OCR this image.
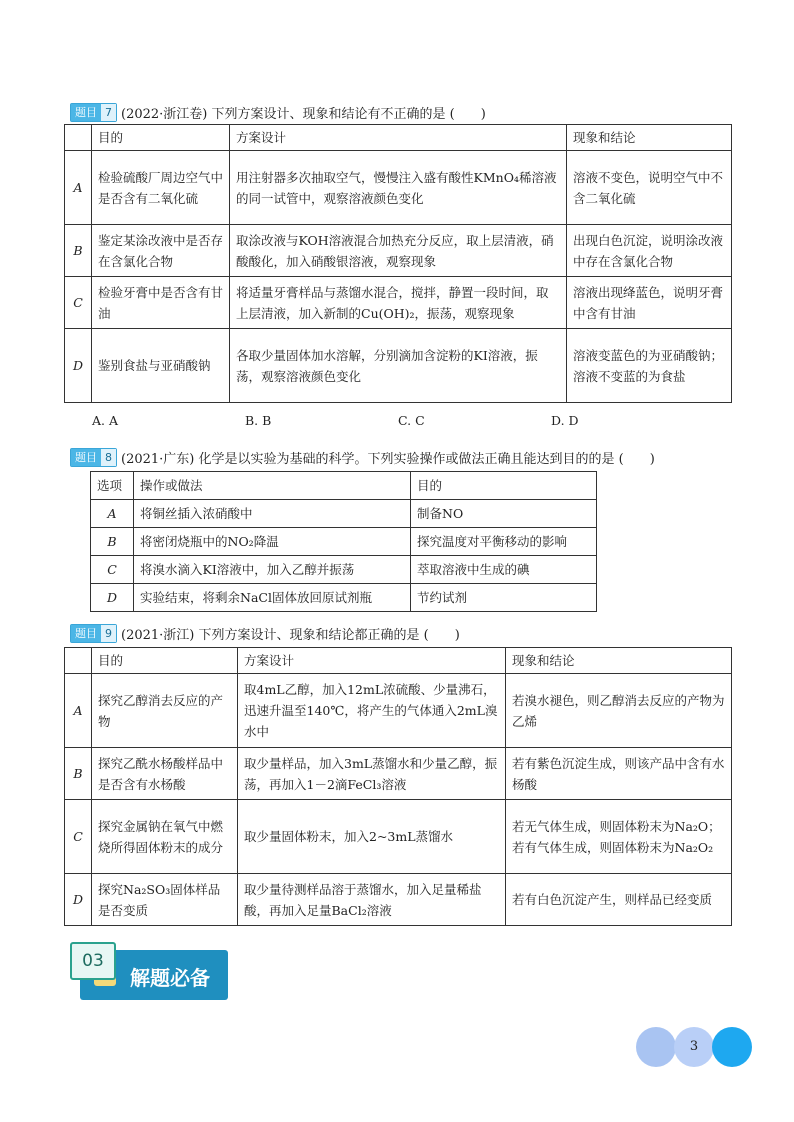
题目 7 (2022·浙江卷) 下列方案设计、现象和结论有不正确的是 (　　)
	目的	方案设计	现象和结论
A	检验硫酸厂周边空气中是否含有二氧化硫	用注射器多次抽取空气，慢慢注入盛有酸性KMnO₄稀溶液的同一试管中，观察溶液颜色变化	溶液不变色，说明空气中不含二氧化硫
B	鉴定某涂改液中是否存在含氯化合物	取涂改液与KOH溶液混合加热充分反应，取上层清液，硝酸酸化，加入硝酸银溶液，观察现象	出现白色沉淀，说明涂改液中存在含氯化合物
C	检验牙膏中是否含有甘油	将适量牙膏样品与蒸馏水混合，搅拌，静置一段时间，取上层清液，加入新制的Cu(OH)₂，振荡，观察现象	溶液出现绛蓝色，说明牙膏中含有甘油
D	鉴别食盐与亚硝酸钠	各取少量固体加水溶解，分别滴加含淀粉的KI溶液，振荡，观察溶液颜色变化	溶液变蓝色的为亚硝酸钠；溶液不变蓝的为食盐
A. A	B. B	C. C	D. D
题目 8 (2021·广东) 化学是以实验为基础的科学。下列实验操作或做法正确且能达到目的的是 (　　)
选项	操作或做法	目的
A	将铜丝插入浓硝酸中	制备NO
B	将密闭烧瓶中的NO₂降温	探究温度对平衡移动的影响
C	将溴水滴入KI溶液中，加入乙醇并振荡	萃取溶液中生成的碘
D	实验结束，将剩余NaCl固体放回原试剂瓶	节约试剂
题目 9 (2021·浙江) 下列方案设计、现象和结论都正确的是 (　　)
	目的	方案设计	现象和结论
A	探究乙醇消去反应的产物	取4mL乙醇，加入12mL浓硫酸、少量沸石，迅速升温至140℃，将产生的气体通入2mL溴水中	若溴水褪色，则乙醇消去反应的产物为乙烯
B	探究乙酰水杨酸样品中是否含有水杨酸	取少量样品，加入3mL蒸馏水和少量乙醇，振荡，再加入1－2滴FeCl₃溶液	若有紫色沉淀生成，则该产品中含有水杨酸
C	探究金属钠在氧气中燃烧所得固体粉末的成分	取少量固体粉末，加入2~3mL蒸馏水	若无气体生成，则固体粉末为Na₂O；若有气体生成，则固体粉末为Na₂O₂
D	探究Na₂SO₃固体样品是否变质	取少量待测样品溶于蒸馏水，加入足量稀盐酸，再加入足量BaCl₂溶液	若有白色沉淀产生，则样品已经变质
03
解题必备
3
